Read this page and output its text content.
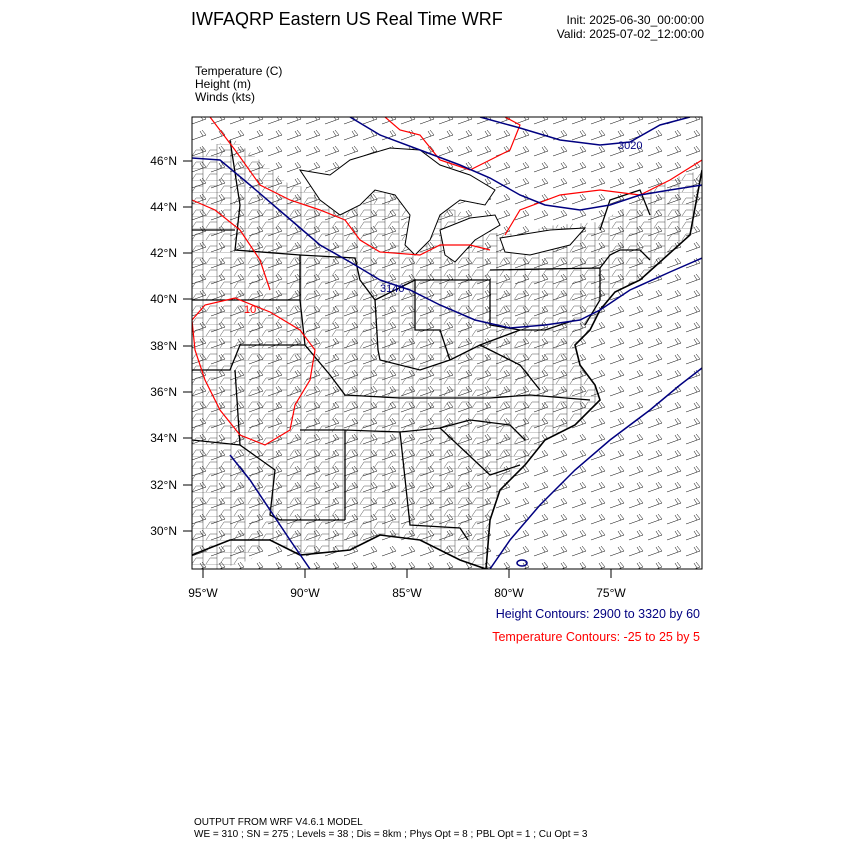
IWFAQRP Eastern US Real Time WRF	Init: 2025-06-30_00:00:00
Valid: 2025-07-02_12:00:00
Temperature (C)
Height (m)
Winds (kts)
10
3020
3140
46°N
44°N
42°N
40°N
38°N
36°N
34°N
32°N
30°N
95°W	90°W	85°W	80°W	75°W
Height Contours: 2900 to 3320 by 60
Temperature Contours: -25 to 25 by 5
OUTPUT FROM WRF V4.6.1 MODEL
WE = 310 ; SN = 275 ; Levels = 38 ; Dis = 8km ; Phys Opt = 8 ; PBL Opt = 1 ; Cu Opt = 3
